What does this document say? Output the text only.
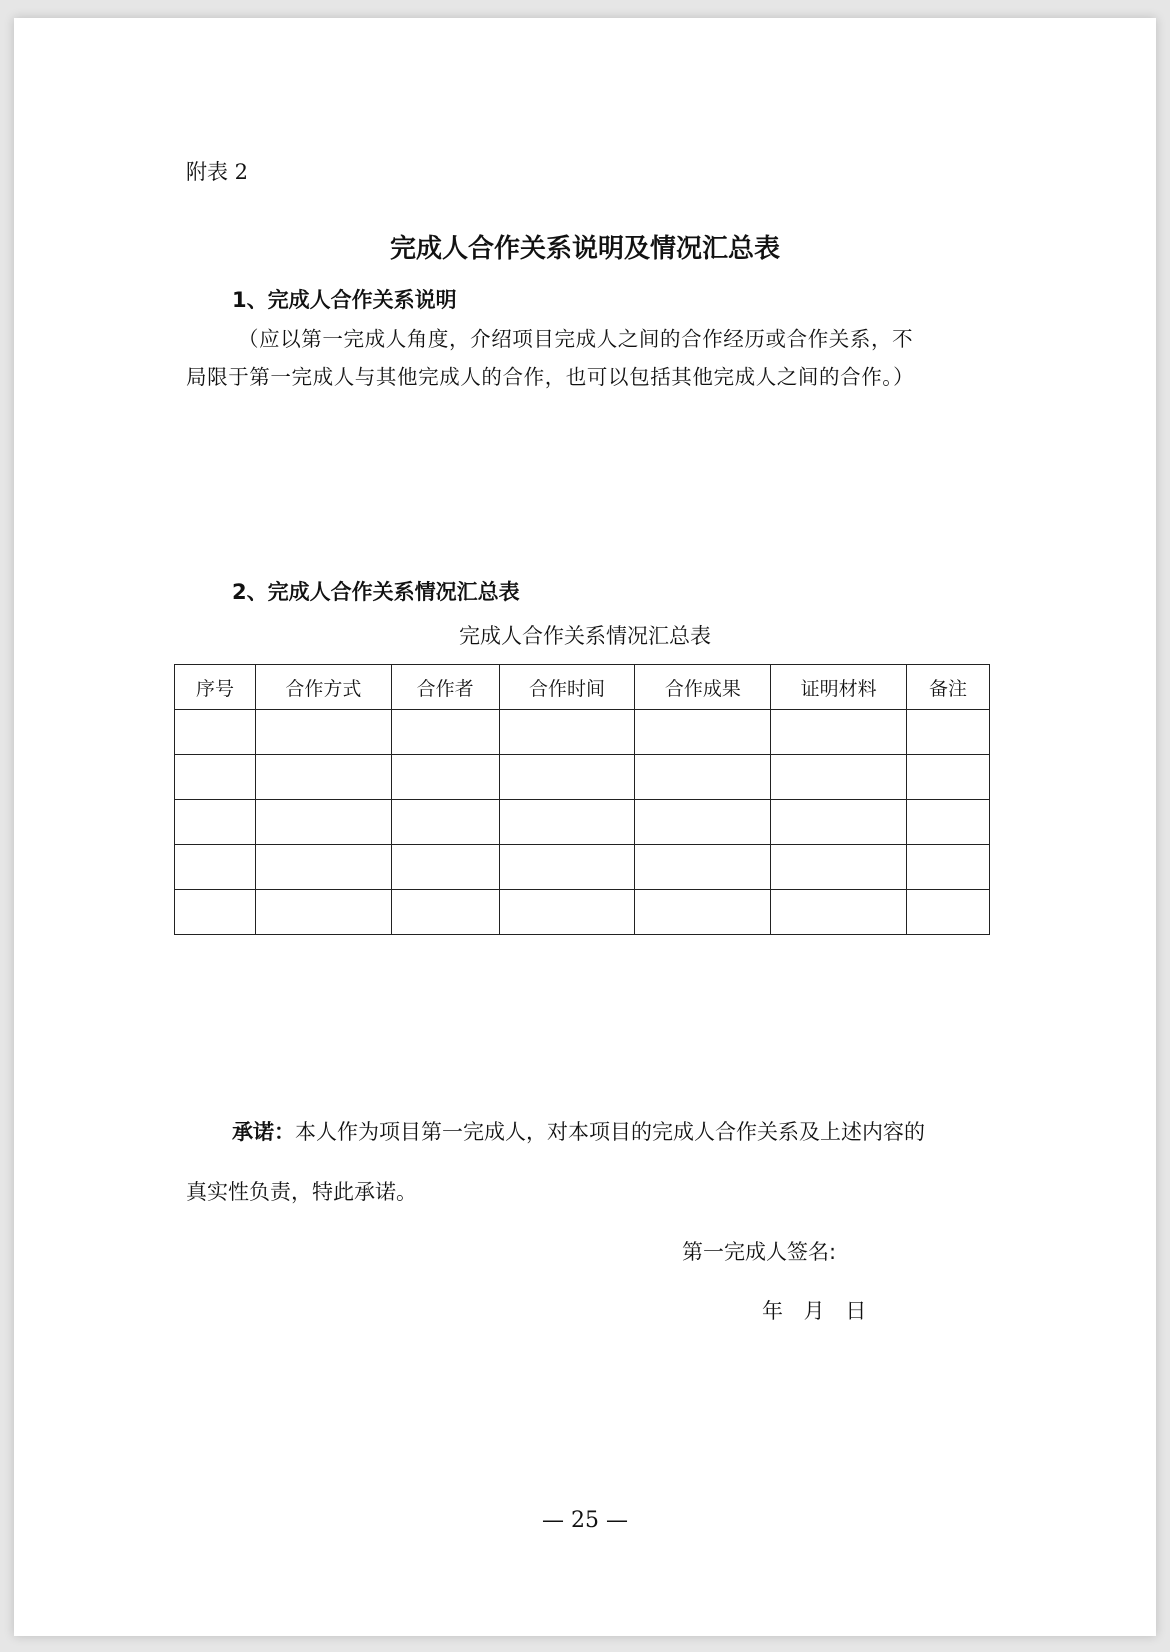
附表 2
完成人合作关系说明及情况汇总表
1、完成人合作关系说明
（应以第一完成人角度，介绍项目完成人之间的合作经历或合作关系，不
局限于第一完成人与其他完成人的合作，也可以包括其他完成人之间的合作。）
2、完成人合作关系情况汇总表
完成人合作关系情况汇总表
序号	合作方式	合作者	合作时间	合作成果	证明材料	备注

承诺：本人作为项目第一完成人，对本项目的完成人合作关系及上述内容的
真实性负责，特此承诺。
第一完成人签名:
年 月 日
— 25 —
